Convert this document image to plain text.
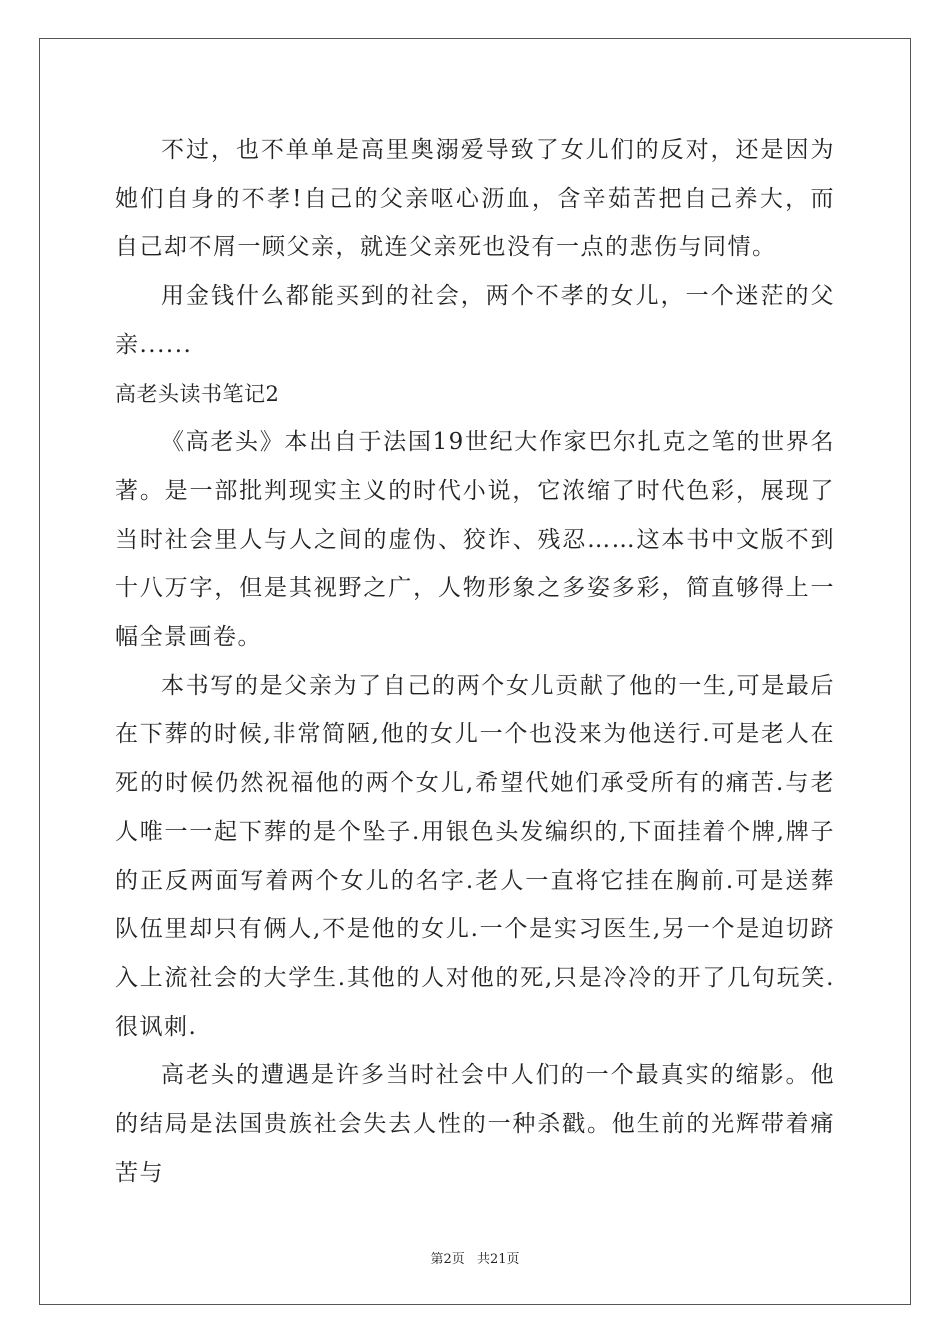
不过，也不单单是高里奥溺爱导致了女儿们的反对，还是因为她们自身的不孝!自己的父亲呕心沥血，含辛茹苦把自己养大，而自己却不屑一顾父亲，就连父亲死也没有一点的悲伤与同情。

用金钱什么都能买到的社会，两个不孝的女儿，一个迷茫的父亲......

高老头读书笔记2

《高老头》本出自于法国19世纪大作家巴尔扎克之笔的世界名著。是一部批判现实主义的时代小说，它浓缩了时代色彩，展现了当时社会里人与人之间的虚伪、狡诈、残忍……这本书中文版不到十八万字，但是其视野之广，人物形象之多姿多彩，简直够得上一幅全景画卷。

本书写的是父亲为了自己的两个女儿贡献了他的一生,可是最后在下葬的时候,非常简陋,他的女儿一个也没来为他送行.可是老人在死的时候仍然祝福他的两个女儿,希望代她们承受所有的痛苦.与老人唯一一起下葬的是个坠子.用银色头发编织的,下面挂着个牌,牌子的正反两面写着两个女儿的名字.老人一直将它挂在胸前.可是送葬队伍里却只有俩人,不是他的女儿.一个是实习医生,另一个是迫切跻入上流社会的大学生.其他的人对他的死,只是冷冷的开了几句玩笑.很讽刺.

高老头的遭遇是许多当时社会中人们的一个最真实的缩影。他的结局是法国贵族社会失去人性的一种杀戳。他生前的光辉带着痛苦与

第2页 共21页
